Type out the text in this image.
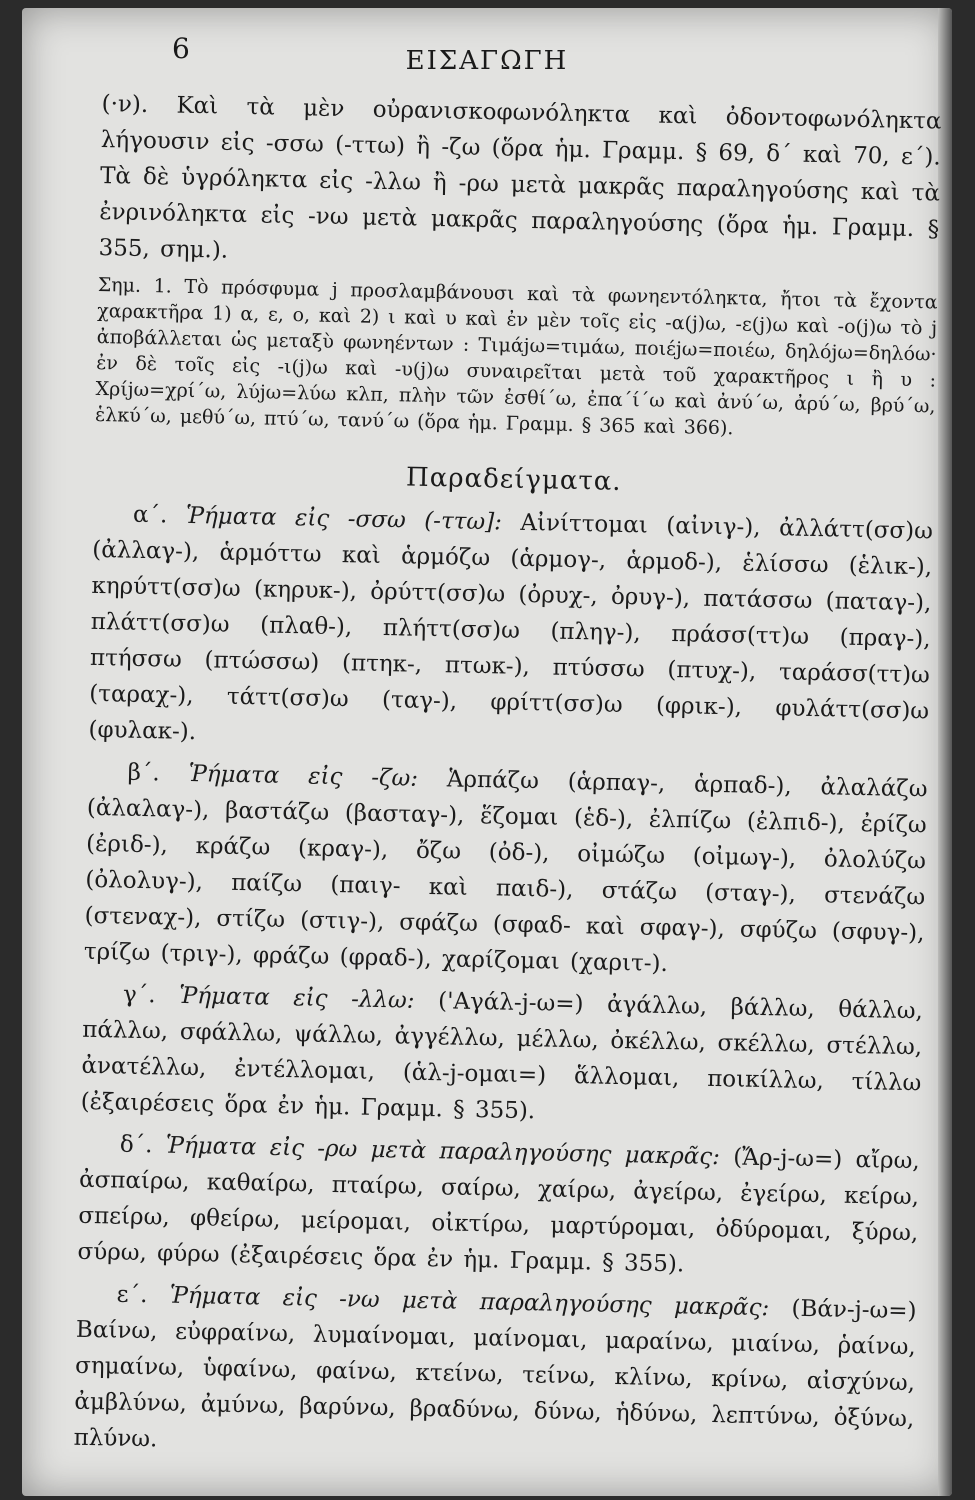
6	ΕΙΣΑΓΩΓΗ

(·ν). Καὶ τὰ μὲν οὐρανισκοφωνόληκτα καὶ ὀδοντοφωνόληκτα λήγουσιν εἰς -σσω (-ττω) ἢ -ζω (ὅρα ἡμ. Γραμμ. § 69, δ΄ καὶ 70, ε΄). Τὰ δὲ ὑγρόληκτα εἰς -λλω ἢ -ρω μετὰ μακρᾶς παραληγούσης καὶ τὰ ἐνρινόληκτα εἰς -νω μετὰ μακρᾶς παραληγούσης (ὅρα ἡμ. Γραμμ. § 355, σημ.).

Σημ. 1. Τὸ πρόσφυμα j προσλαμβάνουσι καὶ τὰ φωνηεντόληκτα, ἤτοι τὰ ἔχοντα χαρακτῆρα 1) α, ε, ο, καὶ 2) ι καὶ υ καὶ ἐν μὲν τοῖς εἰς -α(j)ω, -ε(j)ω καὶ -ο(j)ω τὸ j ἀποβάλλεται ὡς μεταξὺ φωνηέντων : Τιμάjω=τιμάω, ποιέjω=ποιέω, δηλόjω=δηλόω· ἐν δὲ τοῖς εἰς -ι(j)ω καὶ -υ(j)ω συναιρεῖται μετὰ τοῦ χαρακτῆρος ι ἢ υ : Χρίjω=χρί΄ω, λύjω=λύω κλπ, πλὴν τῶν ἐσθί΄ω, ἐπα΄ί΄ω καὶ ἀνύ΄ω, ἀρύ΄ω, βρύ΄ω, ἑλκύ΄ω, μεθύ΄ω, πτύ΄ω, τανύ΄ω (ὅρα ἡμ. Γραμμ. § 365 καὶ 366).

Παραδείγματα.

α΄. Ῥήματα εἰς -σσω (-ττω]: Αἰνίττομαι (αἰνιγ-), ἀλλάττ(σσ)ω (ἀλλαγ-), ἁρμόττω καὶ ἁρμόζω (ἁρμογ-, ἁρμοδ-), ἑλίσσω (ἑλικ-), κηρύττ(σσ)ω (κηρυκ-), ὀρύττ(σσ)ω (ὀρυχ-, ὀρυγ-), πατάσσω (παταγ-), πλάττ(σσ)ω (πλαθ-), πλήττ(σσ)ω (πληγ-), πράσσ(ττ)ω (πραγ-), πτήσσω (πτώσσω) (πτηκ-, πτωκ-), πτύσσω (πτυχ-), ταράσσ(ττ)ω (ταραχ-), τάττ(σσ)ω (ταγ-), φρίττ(σσ)ω (φρικ-), φυλάττ(σσ)ω (φυλακ-).

β΄. Ῥήματα εἰς -ζω: Ἁρπάζω (ἁρπαγ-, ἁρπαδ-), ἀλαλάζω (ἀλαλαγ-), βαστάζω (βασταγ-), ἕζομαι (ἑδ-), ἐλπίζω (ἐλπιδ-), ἐρίζω (ἐριδ-), κράζω (κραγ-), ὄζω (ὀδ-), οἰμώζω (οἰμωγ-), ὀλολύζω (ὀλολυγ-), παίζω (παιγ- καὶ παιδ-), στάζω (σταγ-), στενάζω (στεναχ-), στίζω (στιγ-), σφάζω (σφαδ- καὶ σφαγ-), σφύζω (σφυγ-), τρίζω (τριγ-), φράζω (φραδ-), χαρίζομαι (χαριτ-).

γ΄. Ῥήματα εἰς -λλω: ('Αγάλ-j-ω=) ἀγάλλω, βάλλω, θάλλω, πάλλω, σφάλλω, ψάλλω, ἀγγέλλω, μέλλω, ὀκέλλω, σκέλλω, στέλλω, ἀνατέλλω, ἐντέλλομαι, (ἁλ-j-ομαι=) ἅλλομαι, ποικίλλω, τίλλω (ἐξαιρέσεις ὅρα ἐν ἡμ. Γραμμ. § 355).

δ΄. Ῥήματα εἰς -ρω μετὰ παραληγούσης μακρᾶς: (Ἄρ-j-ω=) αἴρω, ἀσπαίρω, καθαίρω, πταίρω, σαίρω, χαίρω, ἀγείρω, ἐγείρω, κείρω, σπείρω, φθείρω, μείρομαι, οἰκτίρω, μαρτύρομαι, ὀδύρομαι, ξύρω, σύρω, φύρω (ἐξαιρέσεις ὅρα ἐν ἡμ. Γραμμ. § 355).

ε΄. Ῥήματα εἰς -νω μετὰ παραληγούσης μακρᾶς: (Βάν-j-ω=) Βαίνω, εὐφραίνω, λυμαίνομαι, μαίνομαι, μαραίνω, μιαίνω, ῥαίνω, σημαίνω, ὑφαίνω, φαίνω, κτείνω, τείνω, κλίνω, κρίνω, αἰσχύνω, ἀμβλύνω, ἀμύνω, βαρύνω, βραδύνω, δύνω, ἡδύνω, λεπτύνω, ὀξύνω, πλύνω.
